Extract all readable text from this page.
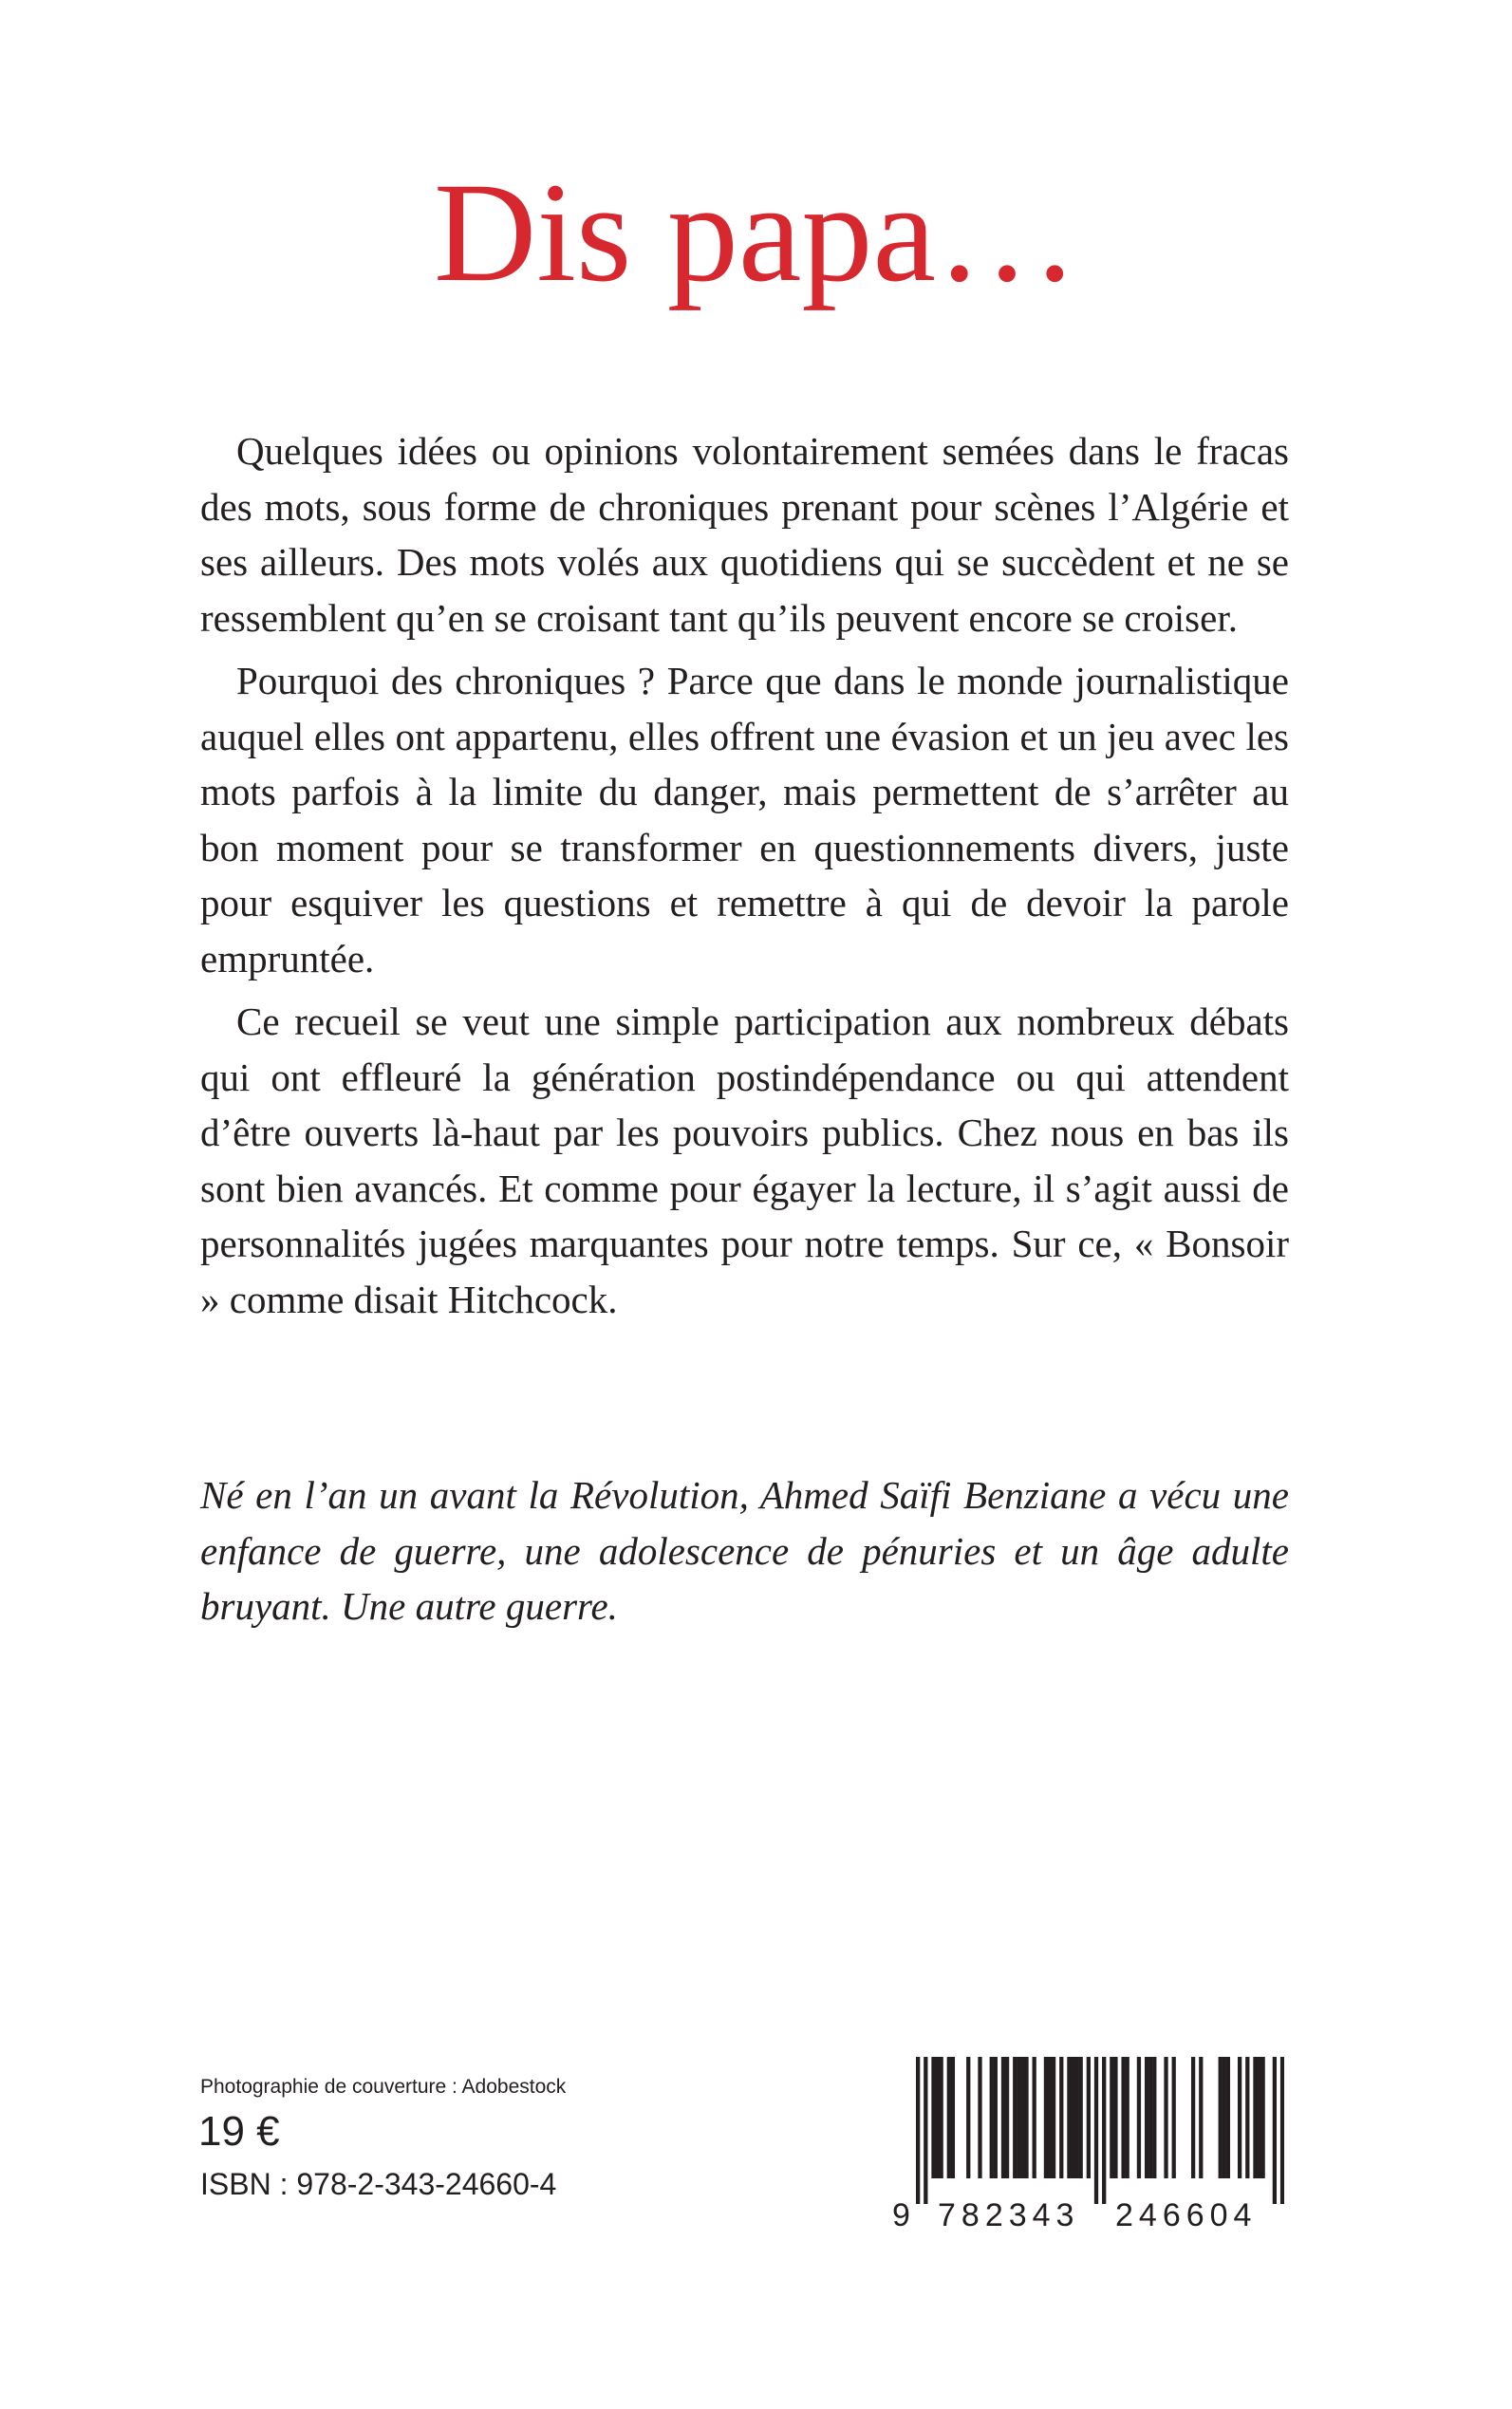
Dis papa…

Quelques idées ou opinions volontairement semées dans le fracas des mots, sous forme de chroniques prenant pour scènes l’Algérie et ses ailleurs. Des mots volés aux quotidiens qui se succèdent et ne se ressemblent qu’en se croisant tant qu’ils peuvent encore se croiser.

Pourquoi des chroniques ? Parce que dans le monde journalistique auquel elles ont appartenu, elles offrent une évasion et un jeu avec les mots parfois à la limite du danger, mais permettent de s’arrêter au bon moment pour se transformer en questionnements divers, juste pour esquiver les questions et remettre à qui de devoir la parole empruntée.

Ce recueil se veut une simple participation aux nombreux débats qui ont effleuré la génération postindépendance ou qui attendent d’être ouverts là-haut par les pouvoirs publics. Chez nous en bas ils sont bien avancés. Et comme pour égayer la lecture, il s’agit aussi de personnalités jugées marquantes pour notre temps. Sur ce, « Bonsoir » comme disait Hitchcock.

Né en l’an un avant la Révolution, Ahmed Saïfi Benziane a vécu une enfance de guerre, une adolescence de pénuries et un âge adulte bruyant. Une autre guerre.

Photographie de couverture : Adobestock
19 €
ISBN : 978-2-343-24660-4
9 782343 246604
